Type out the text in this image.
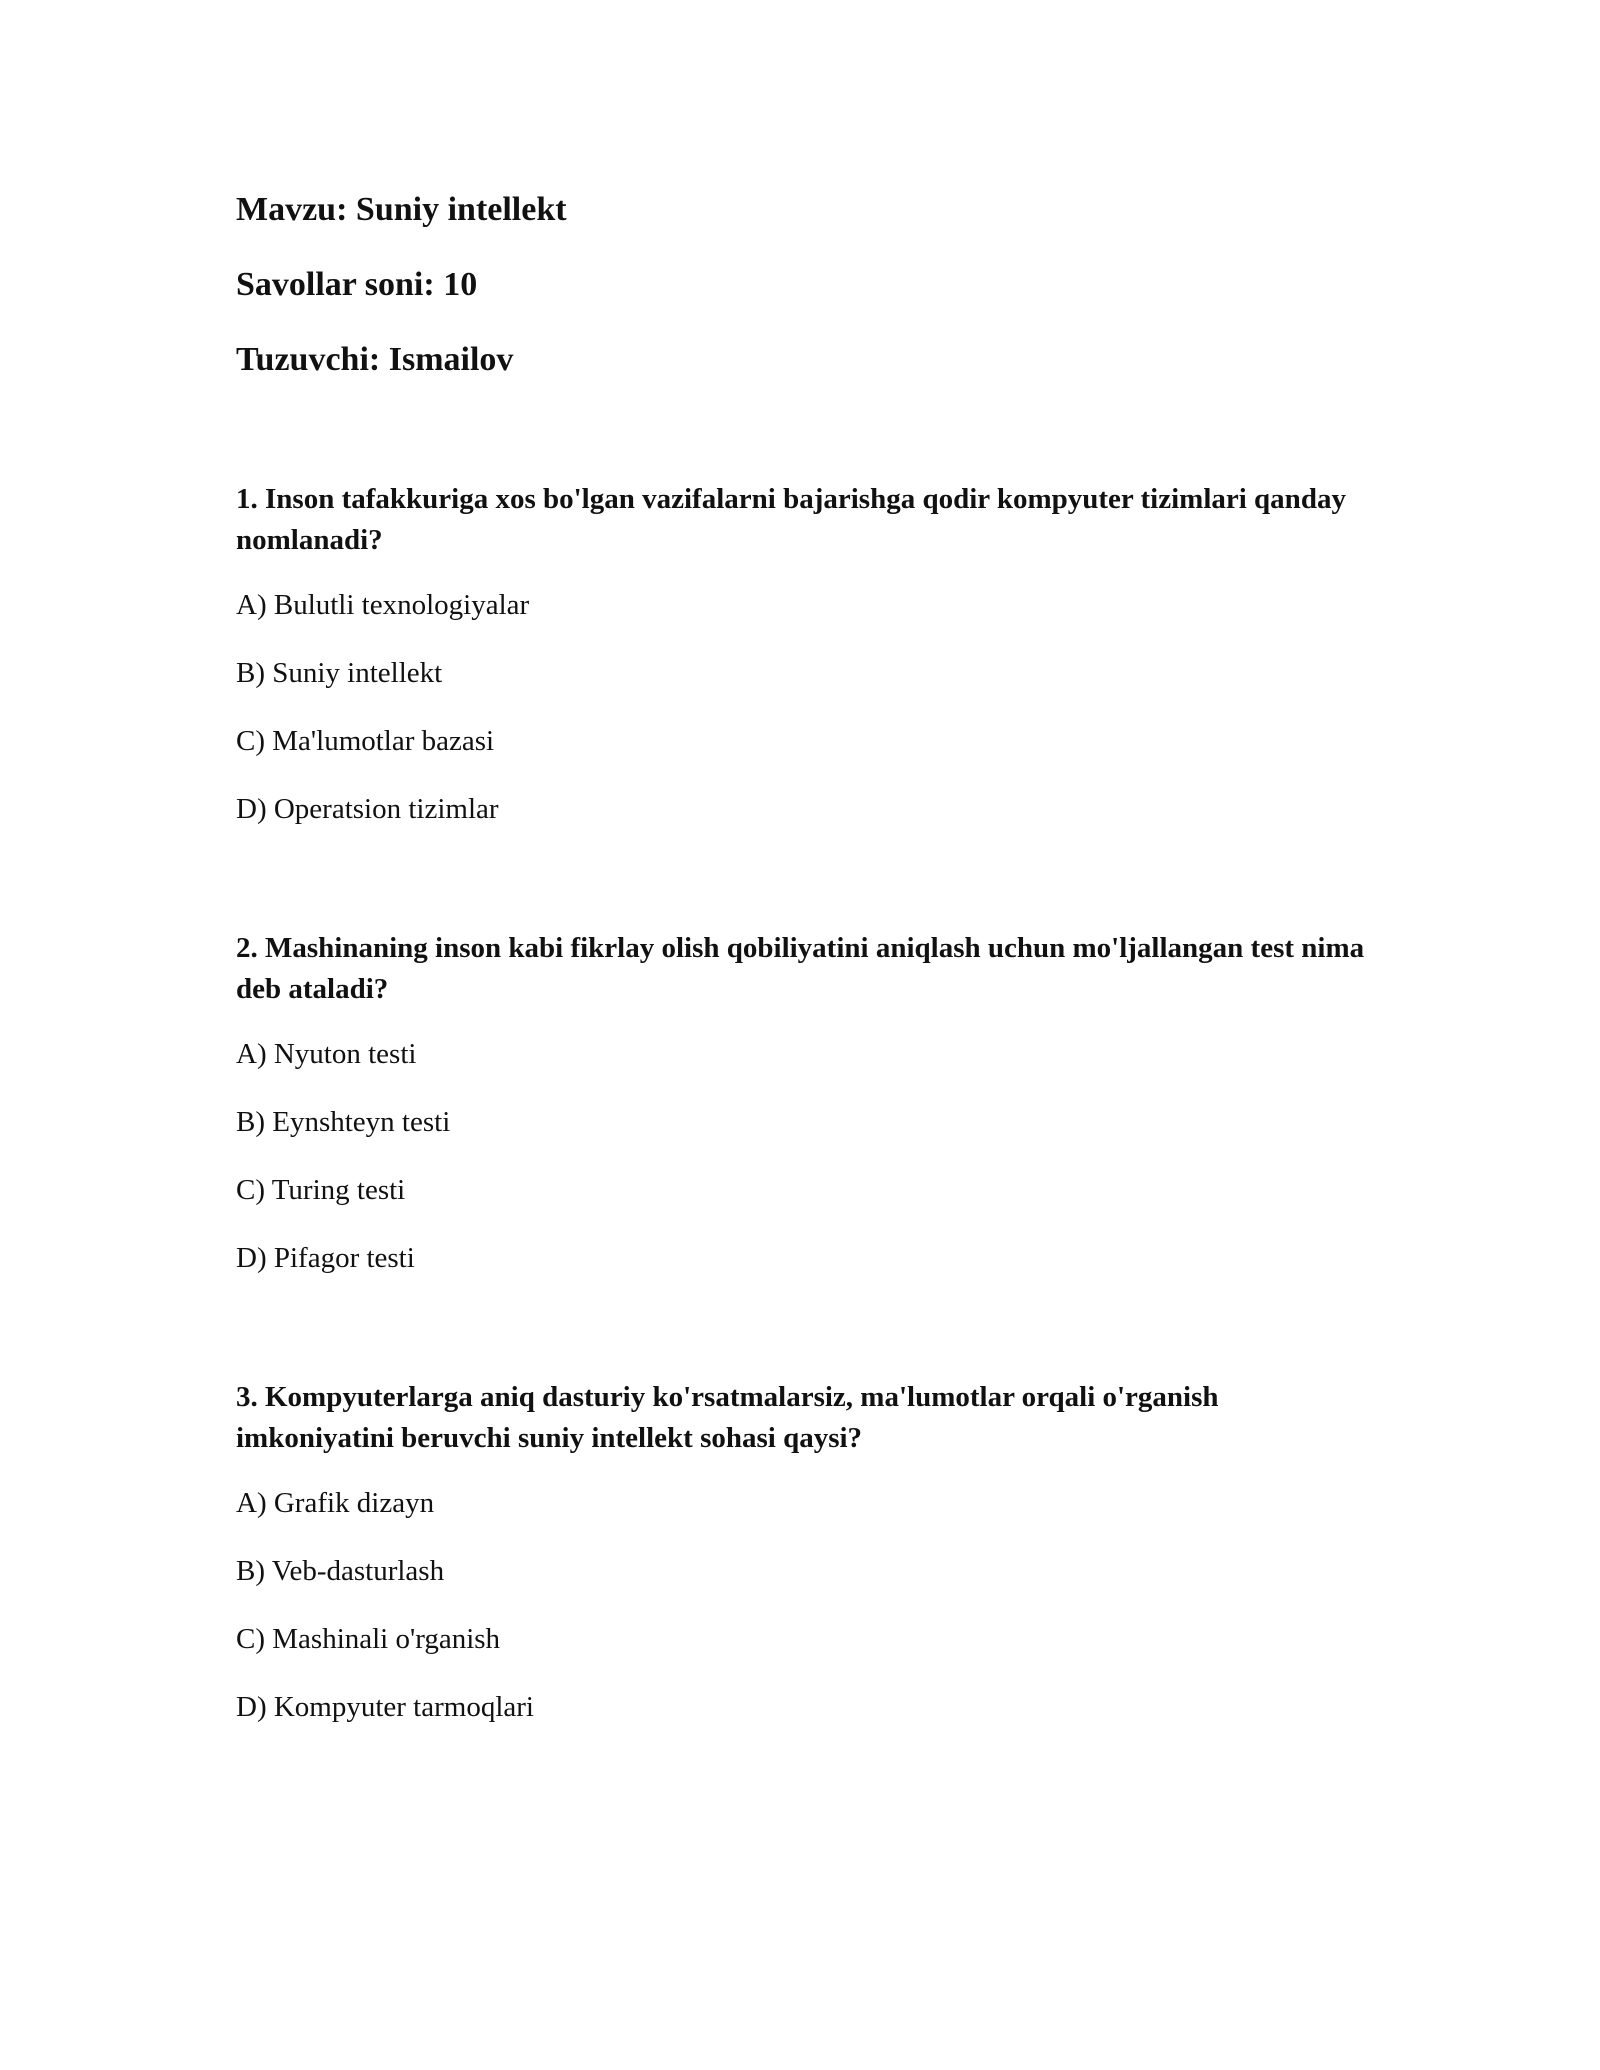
Mavzu: Suniy intellekt
Savollar soni: 10
Tuzuvchi: Ismailov

1. Inson tafakkuriga xos bo'lgan vazifalarni bajarishga qodir kompyuter tizimlari qanday nomlanadi?

A) Bulutli texnologiyalar

B) Suniy intellekt

C) Ma'lumotlar bazasi

D) Operatsion tizimlar

2. Mashinaning inson kabi fikrlay olish qobiliyatini aniqlash uchun mo'ljallangan test nima deb ataladi?

A) Nyuton testi

B) Eynshteyn testi

C) Turing testi

D) Pifagor testi

3. Kompyuterlarga aniq dasturiy ko'rsatmalarsiz, ma'lumotlar orqali o'rganish imkoniyatini beruvchi suniy intellekt sohasi qaysi?

A) Grafik dizayn

B) Veb-dasturlash

C) Mashinali o'rganish

D) Kompyuter tarmoqlari
